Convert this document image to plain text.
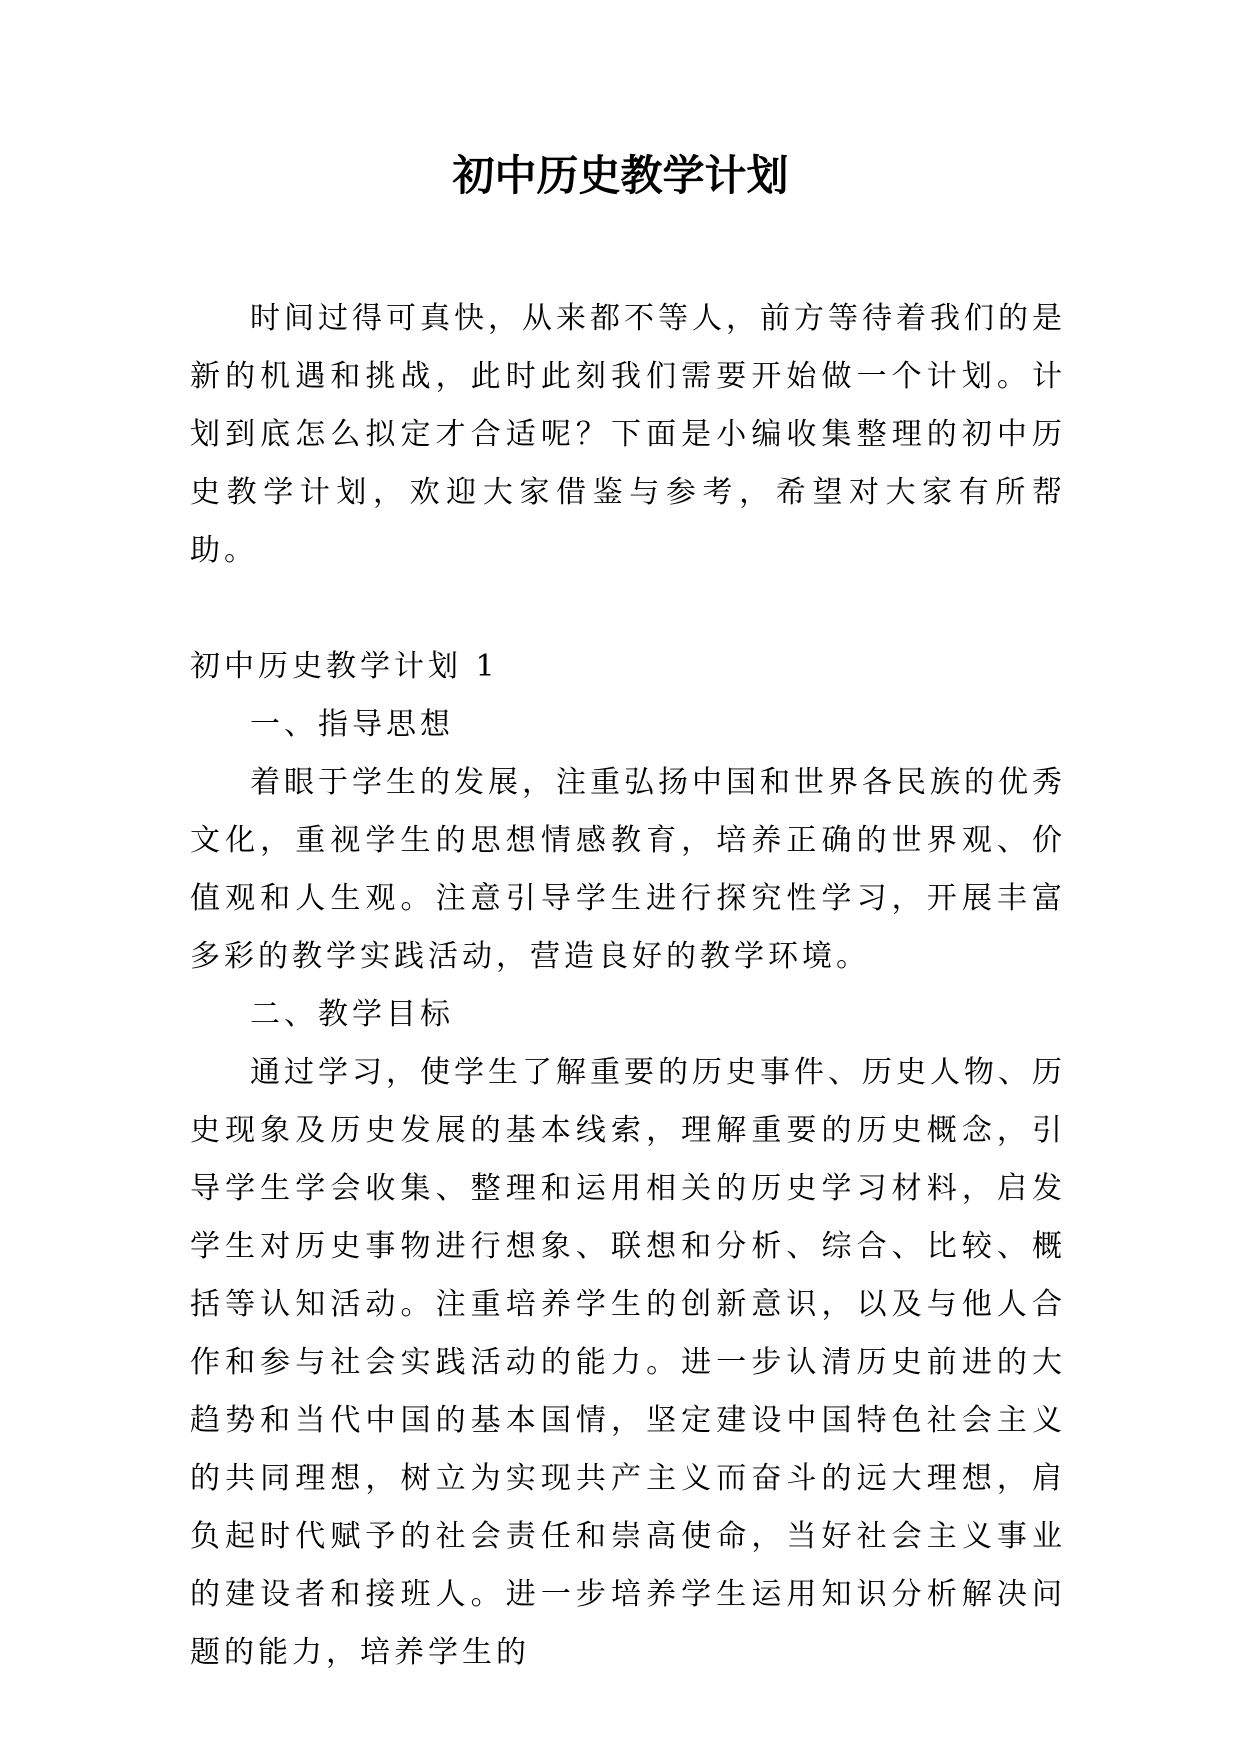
初中历史教学计划

时间过得可真快，从来都不等人，前方等待着我们的是新的机遇和挑战，此时此刻我们需要开始做一个计划。计划到底怎么拟定才合适呢？下面是小编收集整理的初中历史教学计划，欢迎大家借鉴与参考，希望对大家有所帮助。

初中历史教学计划 1

一、指导思想

着眼于学生的发展，注重弘扬中国和世界各民族的优秀文化，重视学生的思想情感教育，培养正确的世界观、价值观和人生观。注意引导学生进行探究性学习，开展丰富多彩的教学实践活动，营造良好的教学环境。

二、教学目标

通过学习，使学生了解重要的历史事件、历史人物、历史现象及历史发展的基本线索，理解重要的历史概念，引导学生学会收集、整理和运用相关的历史学习材料，启发学生对历史事物进行想象、联想和分析、综合、比较、概括等认知活动。注重培养学生的创新意识，以及与他人合作和参与社会实践活动的能力。进一步认清历史前进的大趋势和当代中国的基本国情，坚定建设中国特色社会主义的共同理想，树立为实现共产主义而奋斗的远大理想，肩负起时代赋予的社会责任和崇高使命，当好社会主义事业的建设者和接班人。进一步培养学生运用知识分析解决问题的能力，培养学生的
